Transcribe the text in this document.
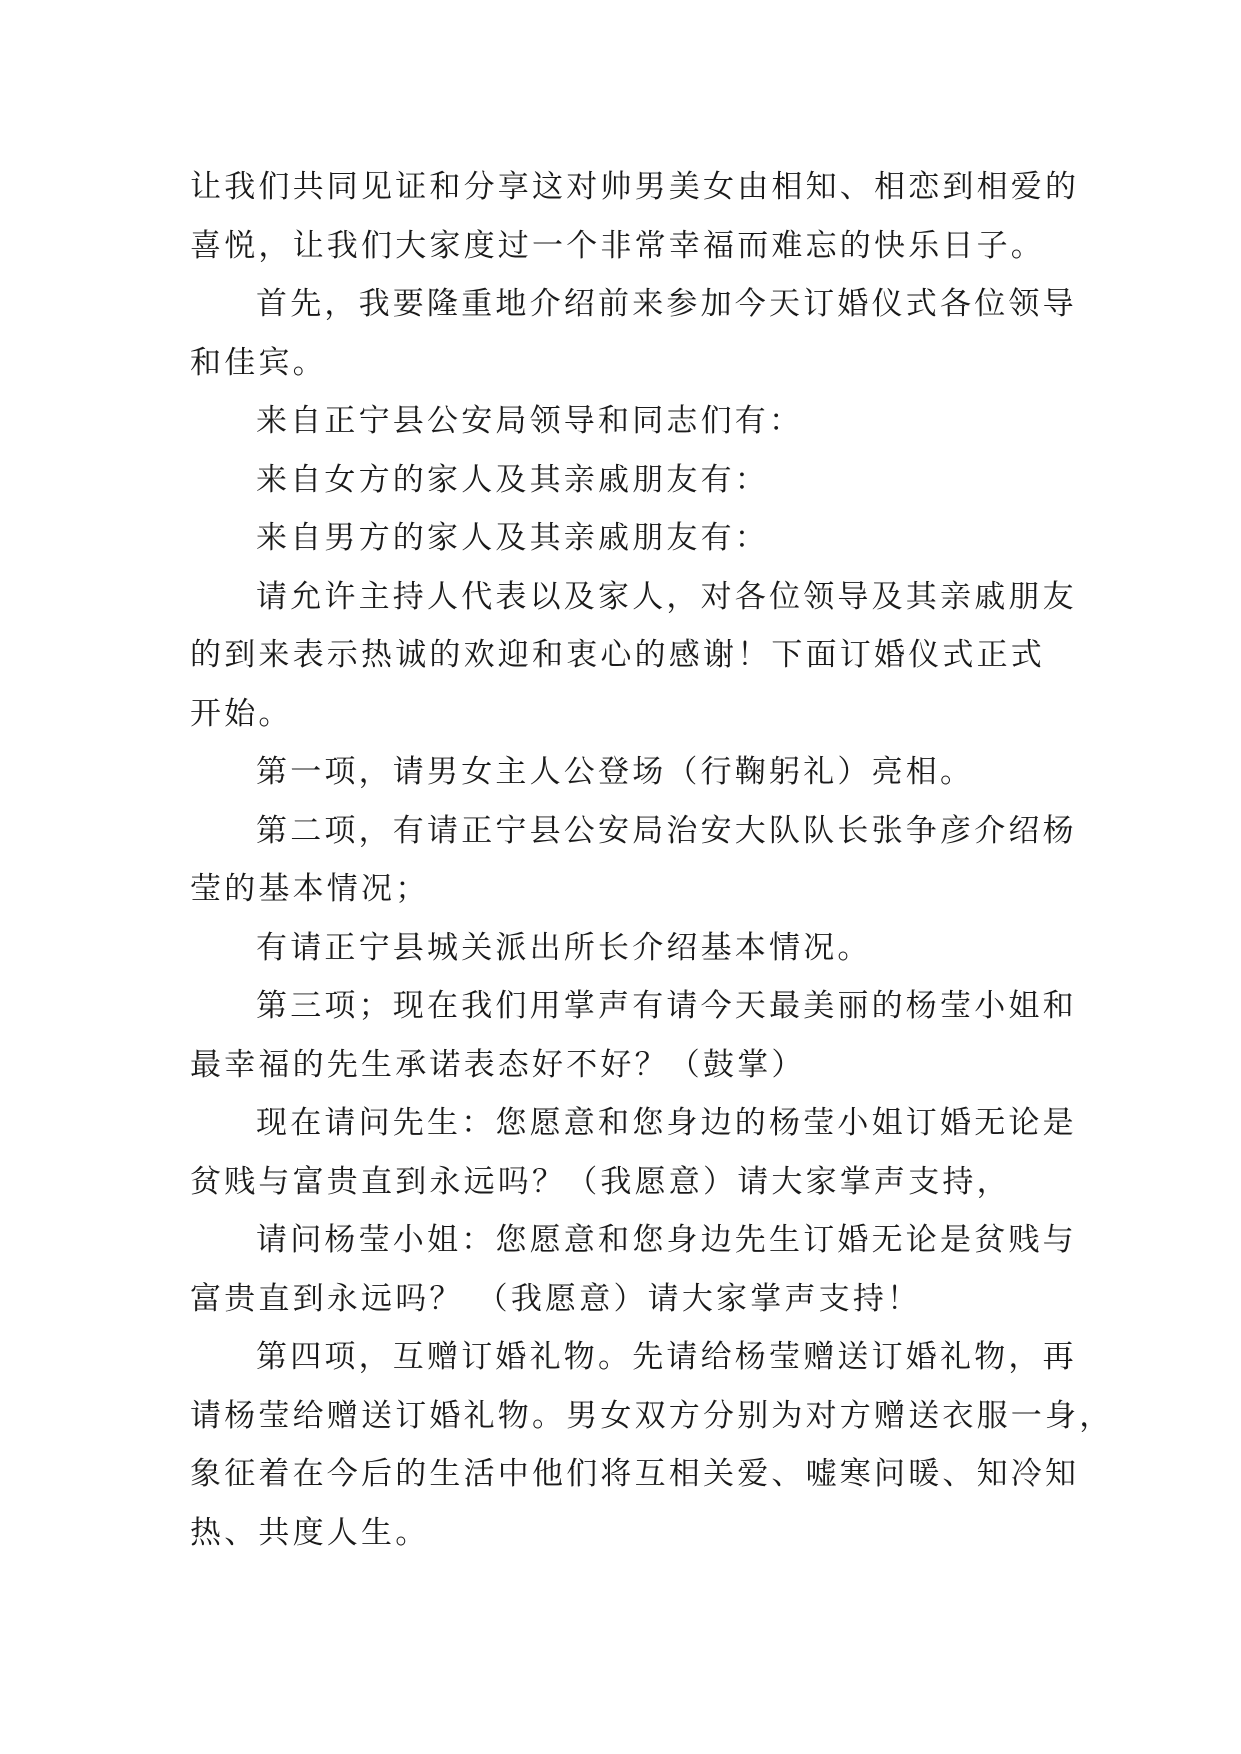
让我们共同见证和分享这对帅男美女由相知、相恋到相爱的
喜悦，让我们大家度过一个非常幸福而难忘的快乐日子。
首先，我要隆重地介绍前来参加今天订婚仪式各位领导
和佳宾。
来自正宁县公安局领导和同志们有：
来自女方的家人及其亲戚朋友有：
来自男方的家人及其亲戚朋友有：
请允许主持人代表以及家人，对各位领导及其亲戚朋友
的到来表示热诚的欢迎和衷心的感谢！下面订婚仪式正式
开始。
第一项，请男女主人公登场（行鞠躬礼）亮相。
第二项，有请正宁县公安局治安大队队长张争彦介绍杨
莹的基本情况；
有请正宁县城关派出所长介绍基本情况。
第三项；现在我们用掌声有请今天最美丽的杨莹小姐和
最幸福的先生承诺表态好不好？（鼓掌）
现在请问先生：您愿意和您身边的杨莹小姐订婚无论是
贫贱与富贵直到永远吗？（我愿意）请大家掌声支持，
请问杨莹小姐：您愿意和您身边先生订婚无论是贫贱与
富贵直到永远吗？ （我愿意）请大家掌声支持！
第四项，互赠订婚礼物。先请给杨莹赠送订婚礼物，再
请杨莹给赠送订婚礼物。男女双方分别为对方赠送衣服一身，
象征着在今后的生活中他们将互相关爱、嘘寒问暖、知冷知
热、共度人生。
